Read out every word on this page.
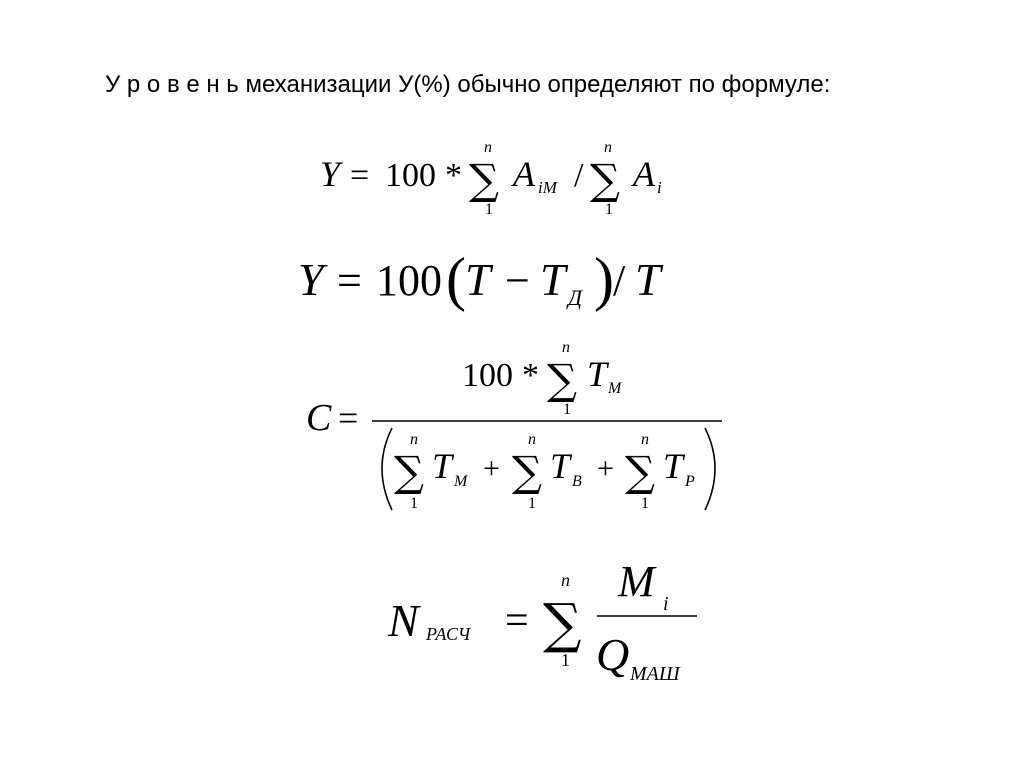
У р о в е н ь механизации У(%) обычно определяют по формуле:
Y = 100 *
n
∑
1
A iM /
n
∑
1
A i
Y = 100 ( T − T Д ) / T
C =
100 *
n
∑
1
T М
n
∑
1
T М +
n
∑
1
T В +
n
∑
1
T Р
N РАСЧ =
n
∑
1
M i
Q МАШ
